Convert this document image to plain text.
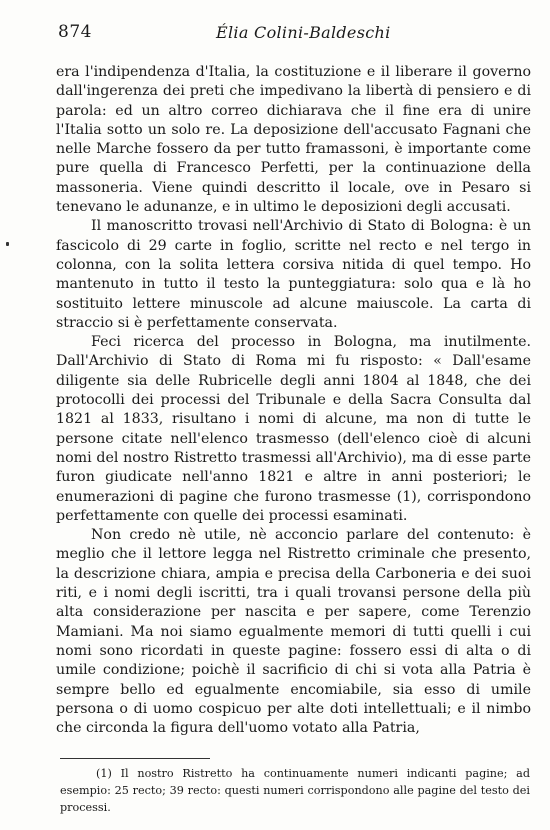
874	Élia Colini-Baldeschi

era l'indipendenza d'Italia, la costituzione e il liberare il governo dall'ingerenza dei preti che impedivano la libertà di pensiero e di parola: ed un altro correo dichiarava che il fine era di unire l'Italia sotto un solo re. La deposizione dell'accusato Fagnani che nelle Marche fossero da per tutto framassoni, è importante come pure quella di Francesco Perfetti, per la continuazione della massoneria. Viene quindi descritto il locale, ove in Pesaro si tenevano le adunanze, e in ultimo le deposizioni degli accusati.

Il manoscritto trovasi nell'Archivio di Stato di Bologna: è un fascicolo di 29 carte in foglio, scritte nel recto e nel tergo in colonna, con la solita lettera corsiva nitida di quel tempo. Ho mantenuto in tutto il testo la punteggiatura: solo qua e là ho sostituito lettere minuscole ad alcune maiuscole. La carta di straccio si è perfettamente conservata.

Feci ricerca del processo in Bologna, ma inutilmente. Dall'Archivio di Stato di Roma mi fu risposto: « Dall'esame diligente sia delle Rubricelle degli anni 1804 al 1848, che dei protocolli dei processi del Tribunale e della Sacra Consulta dal 1821 al 1833, risultano i nomi di alcune, ma non di tutte le persone citate nell'elenco trasmesso (dell'elenco cioè di alcuni nomi del nostro Ristretto trasmessi all'Archivio), ma di esse parte furon giudicate nell'anno 1821 e altre in anni posteriori; le enumerazioni di pagine che furono trasmesse (1), corrispondono perfettamente con quelle dei processi esaminati.

Non credo nè utile, nè acconcio parlare del contenuto: è meglio che il lettore legga nel Ristretto criminale che presento, la descrizione chiara, ampia e precisa della Carboneria e dei suoi riti, e i nomi degli iscritti, tra i quali trovansi persone della più alta considerazione per nascita e per sapere, come Terenzio Mamiani. Ma noi siamo egualmente memori di tutti quelli i cui nomi sono ricordati in queste pagine: fossero essi di alta o di umile condizione; poichè il sacrificio di chi si vota alla Patria è sempre bello ed egualmente encomiabile, sia esso di umile persona o di uomo cospicuo per alte doti intellettuali; e il nimbo che circonda la figura dell'uomo votato alla Patria,

(1) Il nostro Ristretto ha continuamente numeri indicanti pagine; ad esempio: 25 recto; 39 recto: questi numeri corrispondono alle pagine del testo dei processi.
